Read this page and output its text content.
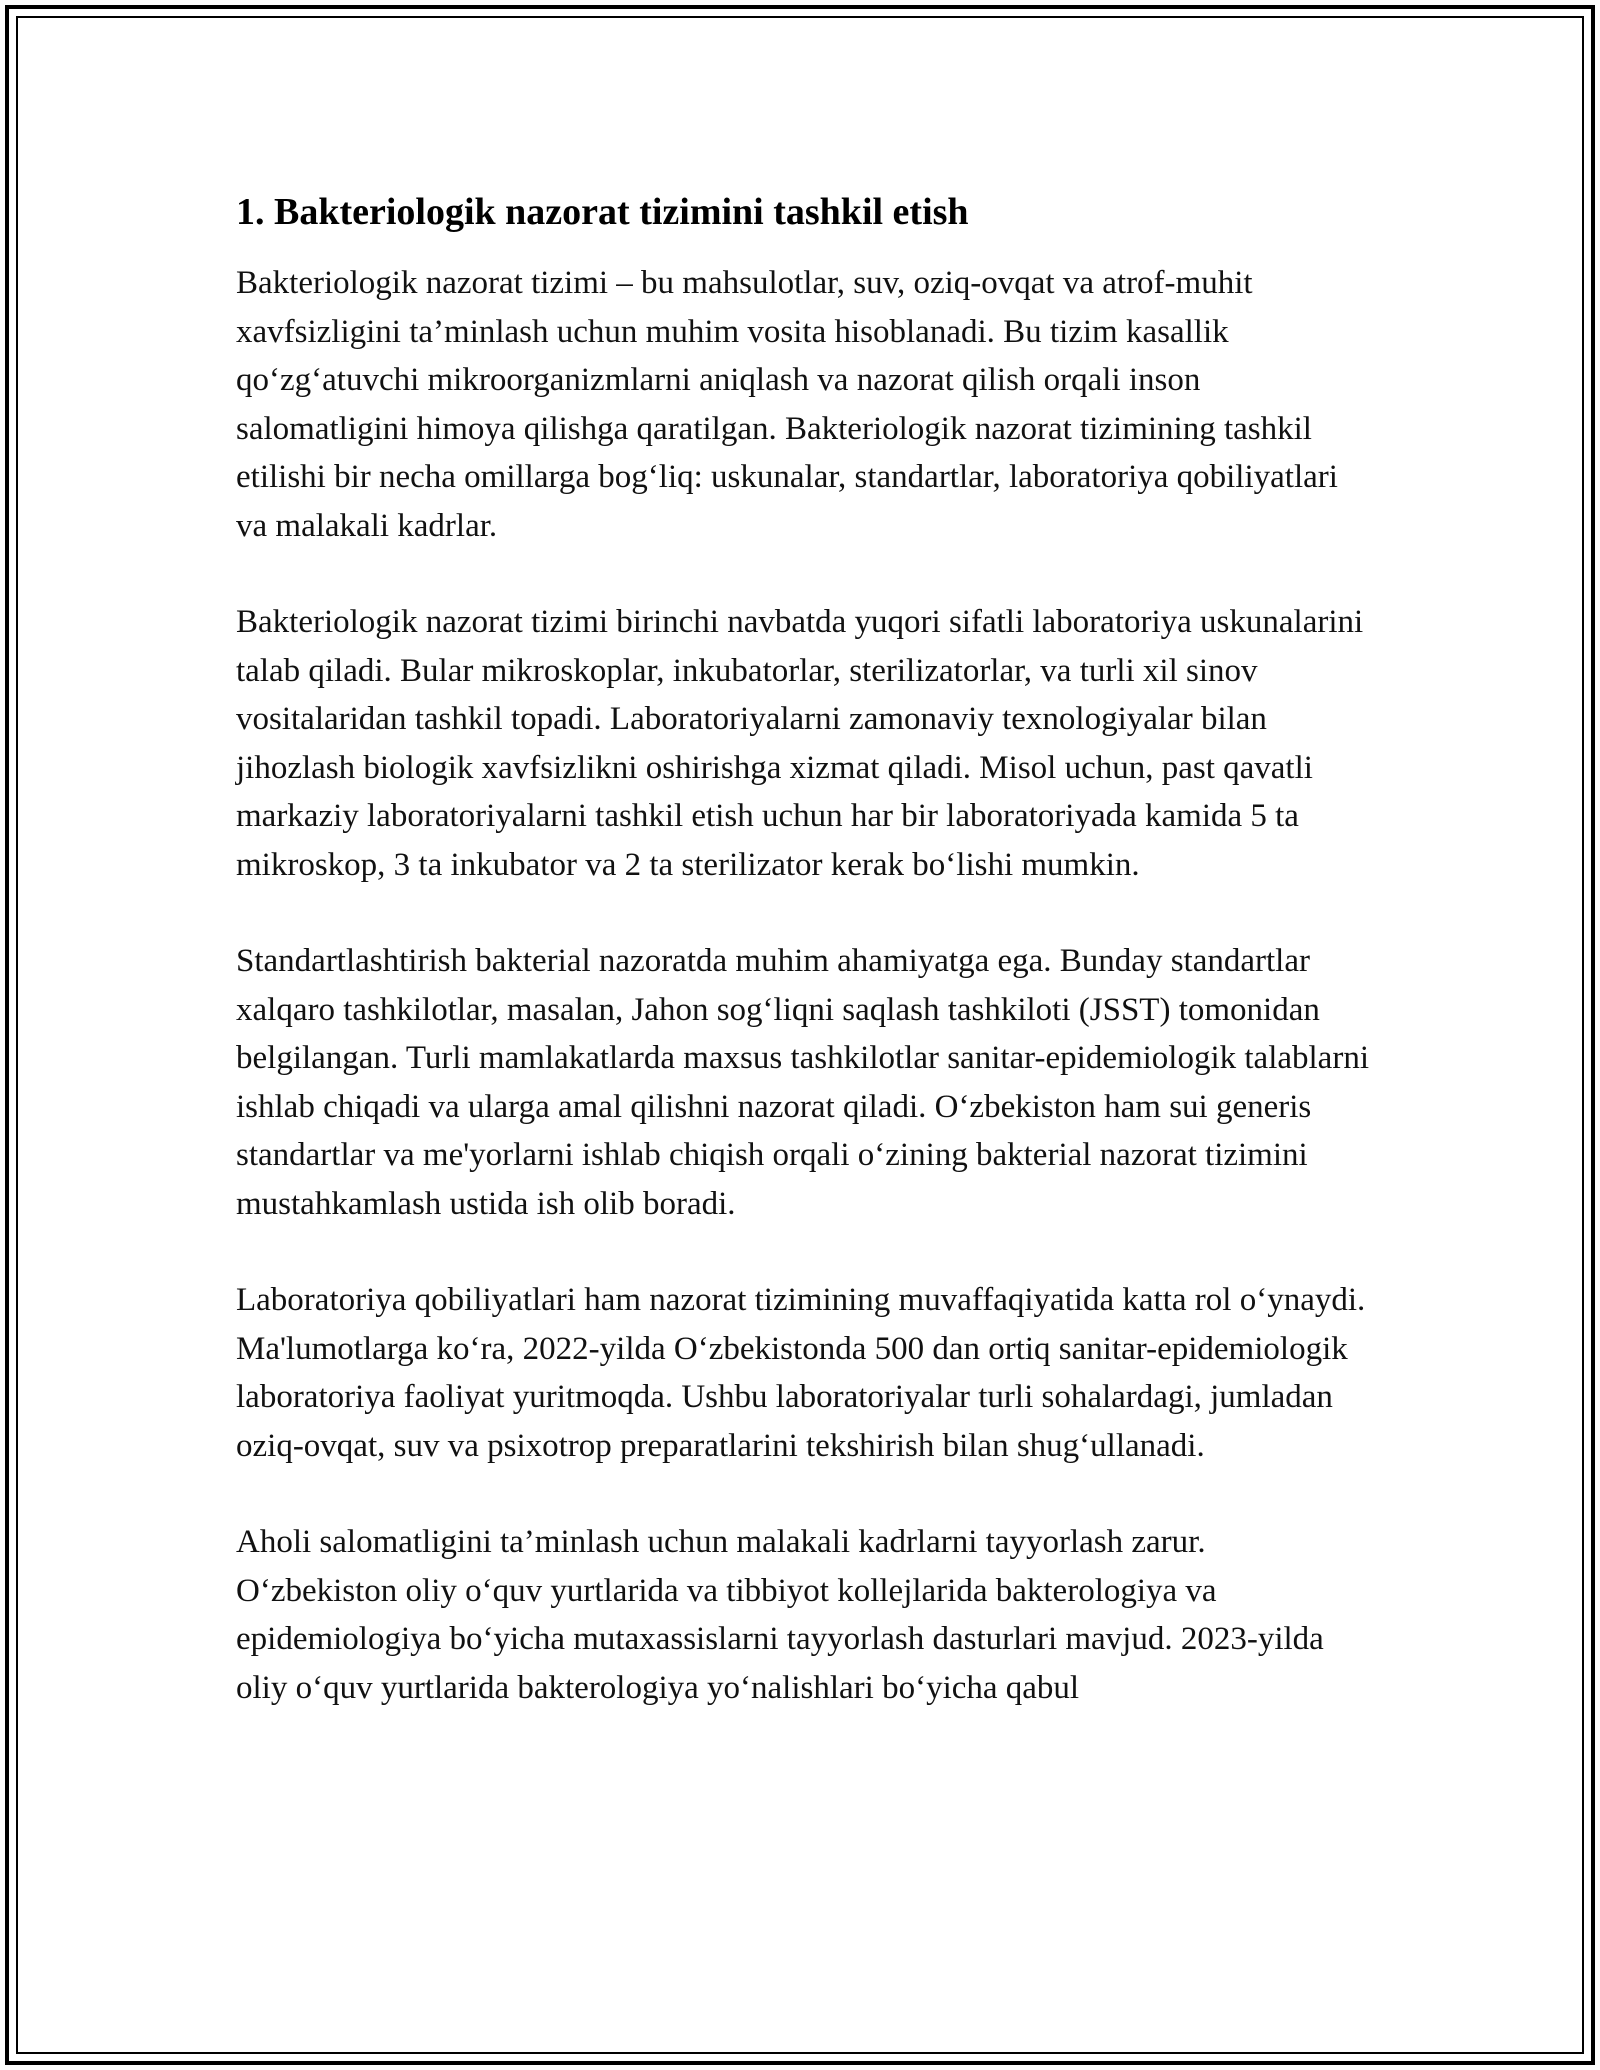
1. Bakteriologik nazorat tizimini tashkil etish

Bakteriologik nazorat tizimi – bu mahsulotlar, suv, oziq-ovqat va atrof-muhit xavfsizligini ta’minlash uchun muhim vosita hisoblanadi. Bu tizim kasallik qo‘zg‘atuvchi mikroorganizmlarni aniqlash va nazorat qilish orqali inson salomatligini himoya qilishga qaratilgan. Bakteriologik nazorat tizimining tashkil etilishi bir necha omillarga bog‘liq: uskunalar, standartlar, laboratoriya qobiliyatlari va malakali kadrlar.

Bakteriologik nazorat tizimi birinchi navbatda yuqori sifatli laboratoriya uskunalarini talab qiladi. Bular mikroskoplar, inkubatorlar, sterilizatorlar, va turli xil sinov vositalaridan tashkil topadi. Laboratoriyalarni zamonaviy texnologiyalar bilan jihozlash biologik xavfsizlikni oshirishga xizmat qiladi. Misol uchun, past qavatli markaziy laboratoriyalarni tashkil etish uchun har bir laboratoriyada kamida 5 ta mikroskop, 3 ta inkubator va 2 ta sterilizator kerak bo‘lishi mumkin.

Standartlashtirish bakterial nazoratda muhim ahamiyatga ega. Bunday standartlar xalqaro tashkilotlar, masalan, Jahon sog‘liqni saqlash tashkiloti (JSST) tomonidan belgilangan. Turli mamlakatlarda maxsus tashkilotlar sanitar-epidemiologik talablarni ishlab chiqadi va ularga amal qilishni nazorat qiladi. O‘zbekiston ham sui generis standartlar va me'yorlarni ishlab chiqish orqali o‘zining bakterial nazorat tizimini mustahkamlash ustida ish olib boradi.

Laboratoriya qobiliyatlari ham nazorat tizimining muvaffaqiyatida katta rol o‘ynaydi. Ma'lumotlarga ko‘ra, 2022-yilda O‘zbekistonda 500 dan ortiq sanitar-epidemiologik laboratoriya faoliyat yuritmoqda. Ushbu laboratoriyalar turli sohalardagi, jumladan oziq-ovqat, suv va psixotrop preparatlarini tekshirish bilan shug‘ullanadi.

Aholi salomatligini ta’minlash uchun malakali kadrlarni tayyorlash zarur. O‘zbekiston oliy o‘quv yurtlarida va tibbiyot kollejlarida bakterologiya va epidemiologiya bo‘yicha mutaxassislarni tayyorlash dasturlari mavjud. 2023-yilda oliy o‘quv yurtlarida bakterologiya yo‘nalishlari bo‘yicha qabul
